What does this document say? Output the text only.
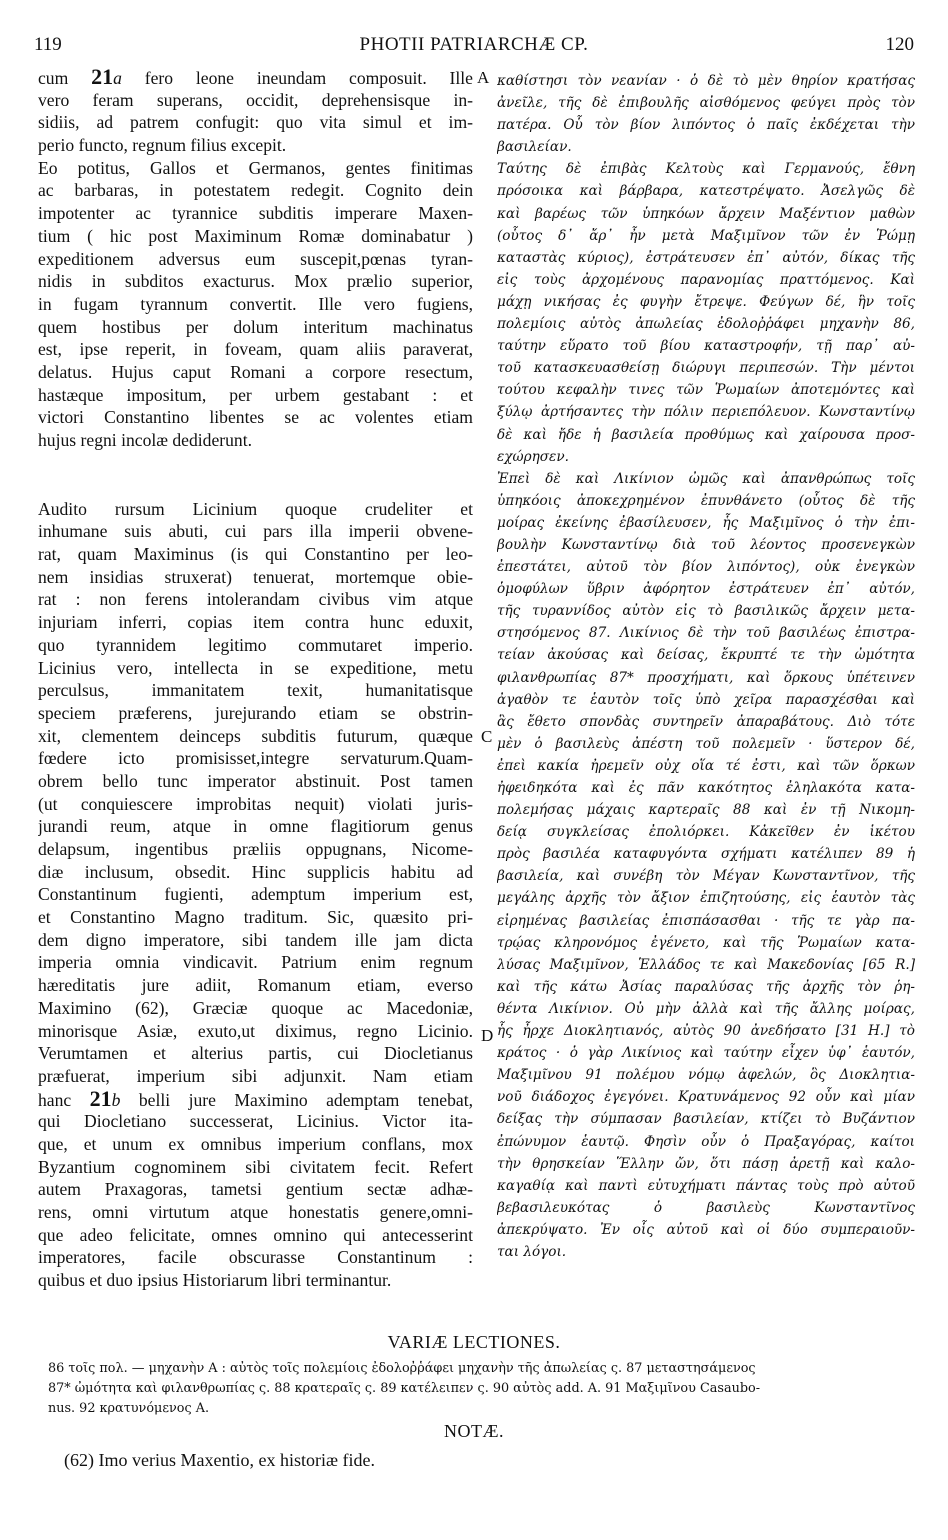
119	PHOTII PATRIARCHÆ CP.	120
A
C
D
cum 21a fero leone ineundam composuit. Ille
vero feram superans, occidit, deprehensisque in-
sidiis, ad patrem confugit: quo vita simul et im-
perio functo, regnum filius excepit.
Eo potitus, Gallos et Germanos, gentes finitimas
ac barbaras, in potestatem redegit. Cognito dein
impotenter ac tyrannice subditis imperare Maxen-
tium ( hic post Maximinum Romæ dominabatur )
expeditionem adversus eum suscepit,pœnas tyran-
nidis in subditos exacturus. Mox prælio superior,
in fugam tyrannum convertit. Ille vero fugiens,
quem hostibus per dolum interitum machinatus
est, ipse reperit, in foveam, quam aliis paraverat,
delatus. Hujus caput Romani a corpore resectum,
hastæque impositum, per urbem gestabant : et
victori Constantino libentes se ac volentes etiam
hujus regni incolæ dediderunt.
Audito rursum Licinium quoque crudeliter et
inhumane suis abuti, cui pars illa imperii obvene-
rat, quam Maximinus (is qui Constantino per leo-
nem insidias struxerat) tenuerat, mortemque obie-
rat : non ferens intolerandam civibus vim atque
injuriam inferri, copias item contra hunc eduxit,
quo tyrannidem legitimo commutaret imperio.
Licinius vero, intellecta in se expeditione, metu
perculsus, immanitatem texit, humanitatisque
speciem præferens, jurejurando etiam se obstrin-
xit, clementem deinceps subditis futurum, quæque
fœdere icto promisisset,integre servaturum.Quam-
obrem bello tunc imperator abstinuit. Post tamen
(ut conquiescere improbitas nequit) violati juris-
jurandi reum, atque in omne flagitiorum genus
delapsum, ingentibus præliis oppugnans, Nicome-
diæ inclusum, obsedit. Hinc supplicis habitu ad
Constantinum fugienti, ademptum imperium est,
et Constantino Magno traditum. Sic, quæsito pri-
dem digno imperatore, sibi tandem ille jam dicta
imperia omnia vindicavit. Patrium enim regnum
hæreditatis jure adiit, Romanum etiam, everso
Maximino (62), Græciæ quoque ac Macedoniæ,
minorisque Asiæ, exuto,ut diximus, regno Licinio.
Verumtamen et alterius partis, cui Diocletianus
præfuerat, imperium sibi adjunxit. Nam etiam
hanc 21b belli jure Maximino ademptam tenebat,
qui Diocletiano successerat, Licinius. Victor ita-
que, et unum ex omnibus imperium conflans, mox
Byzantium cognominem sibi civitatem fecit. Refert
autem Praxagoras, tametsi gentium sectæ adhæ-
rens, omni virtutum atque honestatis genere,omni-
que adeo felicitate, omnes omnino qui antecesserint
imperatores, facile obscurasse Constantinum :
quibus et duo ipsius Historiarum libri terminantur.
καθίστησι τὸν νεανίαν · ὁ δὲ τὸ μὲν θηρίον κρατήσας
ἀνεῖλε, τῆς δὲ ἐπιβουλῆς αἰσθόμενος φεύγει πρὸς τὸν
πατέρα. Οὗ τὸν βίον λιπόντος ὁ παῖς ἐκδέχεται τὴν
βασιλείαν.
Ταύτης δὲ ἐπιβὰς Κελτοὺς καὶ Γερμανούς, ἔθνη
πρόσοικα καὶ βάρβαρα, κατεστρέψατο. Ἀσελγῶς δὲ
καὶ βαρέως τῶν ὑπηκόων ἄρχειν Μαξέντιον μαθὼν
(οὗτος δ᾽ ἄρ᾽ ἦν μετὰ Μαξιμῖνον τῶν ἐν Ῥώμῃ
καταστὰς κύριος), ἐστράτευσεν ἐπ᾽ αὐτόν, δίκας τῆς
εἰς τοὺς ἀρχομένους παρανομίας πραττόμενος. Καὶ
μάχῃ νικήσας ἐς φυγὴν ἔτρεψε. Φεύγων δέ, ἣν τοῖς
πολεμίοις αὐτὸς ἀπωλείας ἐδολοῤῥάφει μηχανὴν 86,
ταύτην εὕρατο τοῦ βίου καταστροφήν, τῇ παρ᾽ αὐ-
τοῦ κατασκευασθείσῃ διώρυγι περιπεσών. Τὴν μέντοι
τούτου κεφαλὴν τινες τῶν Ῥωμαίων ἀποτεμόντες καὶ
ξύλῳ ἀρτήσαντες τὴν πόλιν περιεπόλευον. Κωνσταντίνῳ
δὲ καὶ ἤδε ἡ βασιλεία προθύμως καὶ χαίρουσα προσ-
εχώρησεν.
Ἐπεὶ δὲ καὶ Λικίνιον ὠμῶς καὶ ἀπανθρώπως τοῖς
ὑπηκόοις ἀποκεχρημένον ἐπυνθάνετο (οὗτος δὲ τῆς
μοίρας ἐκείνης ἐβασίλευσεν, ἧς Μαξιμῖνος ὁ τὴν ἐπι-
βουλὴν Κωνσταντίνῳ διὰ τοῦ λέοντος προσενεγκὼν
ἐπεστάτει, αὐτοῦ τὸν βίον λιπόντος), οὐκ ἐνεγκὼν
ὁμοφύλων ὕβριν ἀφόρητον ἐστράτευεν ἐπ᾽ αὐτόν,
τῆς τυραννίδος αὐτὸν εἰς τὸ βασιλικῶς ἄρχειν μετα-
στησόμενος 87. Λικίνιος δὲ τὴν τοῦ βασιλέως ἐπιστρα-
τείαν ἀκούσας καὶ δείσας, ἔκρυπτέ τε τὴν ὠμότητα
φιλανθρωπίας 87* προσχήματι, καὶ ὅρκους ὑπέτεινεν
ἀγαθὸν τε ἑαυτὸν τοῖς ὑπὸ χεῖρα παρασχέσθαι καὶ
ἃς ἔθετο σπονδὰς συντηρεῖν ἀπαραβάτους. Διὸ τότε
μὲν ὁ βασιλεὺς ἀπέστη τοῦ πολεμεῖν · ὕστερον δέ,
ἐπεὶ κακία ἠρεμεῖν οὐχ οἵα τέ ἐστι, καὶ τῶν ὅρκων
ἠφειδηκότα καὶ ἐς πᾶν κακότητος ἐληλακότα κατα-
πολεμήσας μάχαις καρτεραῖς 88 καὶ ἐν τῇ Νικομη-
δείᾳ συγκλείσας ἐπολιόρκει. Κἀκεῖθεν ἐν ἱκέτου
πρὸς βασιλέα καταφυγόντα σχήματι κατέλιπεν 89 ἡ
βασιλεία, καὶ συνέβη τὸν Μέγαν Κωνσταντῖνον, τῆς
μεγάλης ἀρχῆς τὸν ἄξιον ἐπιζητούσης, εἰς ἑαυτὸν τὰς
εἰρημένας βασιλείας ἐπισπάσασθαι · τῆς τε γὰρ πα-
τρῴας κληρονόμος ἐγένετο, καὶ τῆς Ῥωμαίων κατα-
λύσας Μαξιμῖνον, Ἑλλάδος τε καὶ Μακεδονίας [65 R.]
καὶ τῆς κάτω Ἀσίας παραλύσας τῆς ἀρχῆς τὸν ῥη-
θέντα Λικίνιον. Οὐ μὴν ἀλλὰ καὶ τῆς ἄλλης μοίρας,
ἧς ἦρχε Διοκλητιανός, αὐτὸς 90 ἀνεδήσατο [31 H.] τὸ
κράτος · ὁ γὰρ Λικίνιος καὶ ταύτην εἶχεν ὑφ᾽ ἑαυτόν,
Μαξιμῖνου 91 πολέμου νόμῳ ἀφελών, ὃς Διοκλητια-
νοῦ διάδοχος ἐγεγόνει. Κρατυνάμενος 92 οὖν καὶ μίαν
δείξας τὴν σύμπασαν βασιλείαν, κτίζει τὸ Βυζάντιον
ἐπώνυμον ἑαυτῷ. Φησὶν οὖν ὁ Πραξαγόρας, καίτοι
τὴν θρησκείαν Ἕλλην ὤν, ὅτι πάσῃ ἀρετῇ καὶ καλο-
καγαθίᾳ καὶ παντὶ εὐτυχήματι πάντας τοὺς πρὸ αὐτοῦ
βεβασιλευκότας ὁ βασιλεὺς Κωνσταντῖνος
ἀπεκρύψατο. Ἐν οἷς αὐτοῦ καὶ οἱ δύο συμπεραιοῦν-
ται λόγοι.
VARIÆ LECTIONES.
86 τοῖς πολ. — μηχανὴν A : αὐτὸς τοῖς πολεμίοις ἐδολοῤῥάφει μηχανὴν τῆς ἀπωλείας ς. 87 μεταστησάμενος
87* ὠμότητα καὶ φιλανθρωπίας ς. 88 κρατεραῖς ς. 89 κατέλειπεν ς. 90 αὐτὸς add. A. 91 Μαξιμῖνου Casaubo-
nus. 92 κρατυνόμενος A.
NOTÆ.
(62) Imo verius Maxentio, ex historiæ fide.
